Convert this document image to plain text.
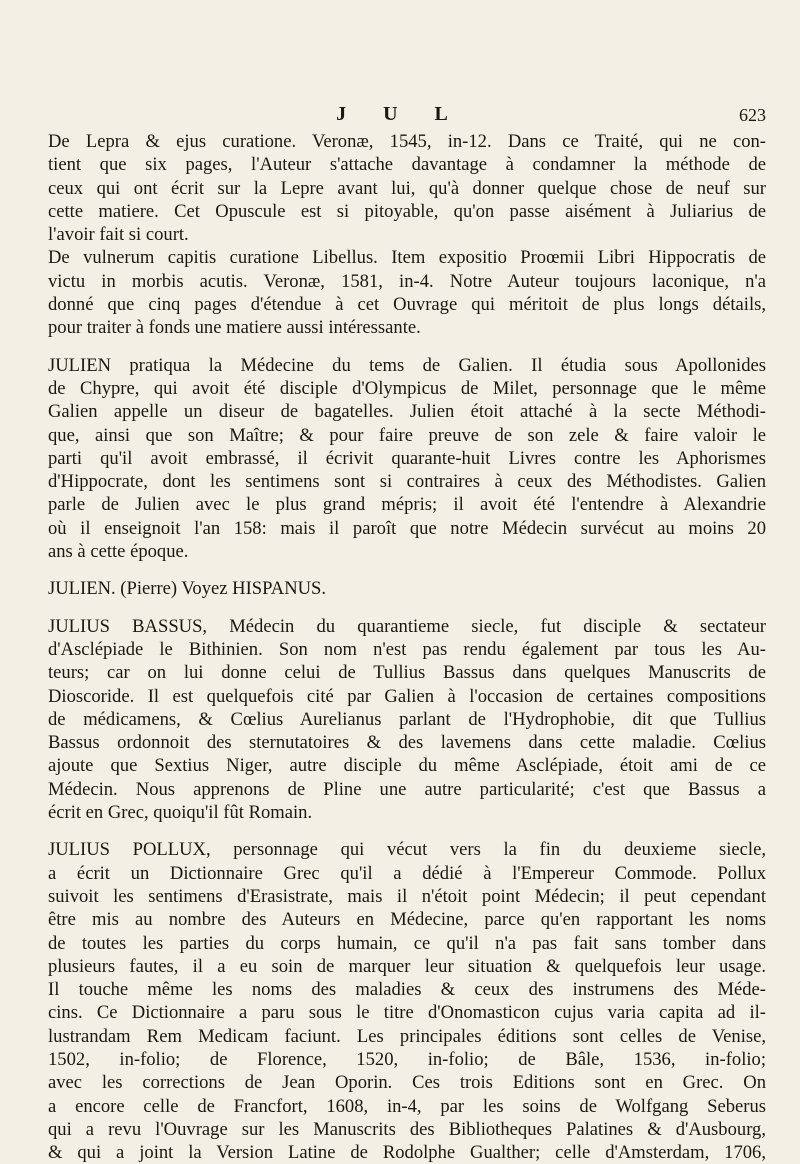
J U L	623
De Lepra & ejus curatione. Veronæ, 1545, in-12. Dans ce Traité, qui ne con-
tient que six pages, l'Auteur s'attache davantage à condamner la méthode de
ceux qui ont écrit sur la Lepre avant lui, qu'à donner quelque chose de neuf sur
cette matiere. Cet Opuscule est si pitoyable, qu'on passe aisément à Juliarius de
l'avoir fait si court.
De vulnerum capitis curatione Libellus. Item expositio Proœmii Libri Hippocratis de
victu in morbis acutis. Veronæ, 1581, in-4. Notre Auteur toujours laconique, n'a
donné que cinq pages d'étendue à cet Ouvrage qui méritoit de plus longs détails,
pour traiter à fonds une matiere aussi intéressante.
JULIEN pratiqua la Médecine du tems de Galien. Il étudia sous Apollonides
de Chypre, qui avoit été disciple d'Olympicus de Milet, personnage que le même
Galien appelle un diseur de bagatelles. Julien étoit attaché à la secte Méthodi-
que, ainsi que son Maître; & pour faire preuve de son zele & faire valoir le
parti qu'il avoit embrassé, il écrivit quarante-huit Livres contre les Aphorismes
d'Hippocrate, dont les sentimens sont si contraires à ceux des Méthodistes. Galien
parle de Julien avec le plus grand mépris; il avoit été l'entendre à Alexandrie
où il enseignoit l'an 158: mais il paroît que notre Médecin survécut au moins 20
ans à cette époque.
JULIEN. (Pierre) Voyez HISPANUS.
JULIUS BASSUS, Médecin du quarantieme siecle, fut disciple & sectateur
d'Asclépiade le Bithinien. Son nom n'est pas rendu également par tous les Au-
teurs; car on lui donne celui de Tullius Bassus dans quelques Manuscrits de
Dioscoride. Il est quelquefois cité par Galien à l'occasion de certaines compositions
de médicamens, & Cœlius Aurelianus parlant de l'Hydrophobie, dit que Tullius
Bassus ordonnoit des sternutatoires & des lavemens dans cette maladie. Cœlius
ajoute que Sextius Niger, autre disciple du même Asclépiade, étoit ami de ce
Médecin. Nous apprenons de Pline une autre particularité; c'est que Bassus a
écrit en Grec, quoiqu'il fût Romain.
JULIUS POLLUX, personnage qui vécut vers la fin du deuxieme siecle,
a écrit un Dictionnaire Grec qu'il a dédié à l'Empereur Commode. Pollux
suivoit les sentimens d'Erasistrate, mais il n'étoit point Médecin; il peut cependant
être mis au nombre des Auteurs en Médecine, parce qu'en rapportant les noms
de toutes les parties du corps humain, ce qu'il n'a pas fait sans tomber dans
plusieurs fautes, il a eu soin de marquer leur situation & quelquefois leur usage.
Il touche même les noms des maladies & ceux des instrumens des Méde-
cins. Ce Dictionnaire a paru sous le titre d'Onomasticon cujus varia capita ad il-
lustrandam Rem Medicam faciunt. Les principales éditions sont celles de Venise,
1502, in-folio; de Florence, 1520, in-folio; de Bâle, 1536, in-folio;
avec les corrections de Jean Oporin. Ces trois Editions sont en Grec. On
a encore celle de Francfort, 1608, in-4, par les soins de Wolfgang Seberus
qui a revu l'Ouvrage sur les Manuscrits des Bibliotheques Palatines & d'Ausbourg,
& qui a joint la Version Latine de Rodolphe Gualther; celle d'Amsterdam, 1706,
